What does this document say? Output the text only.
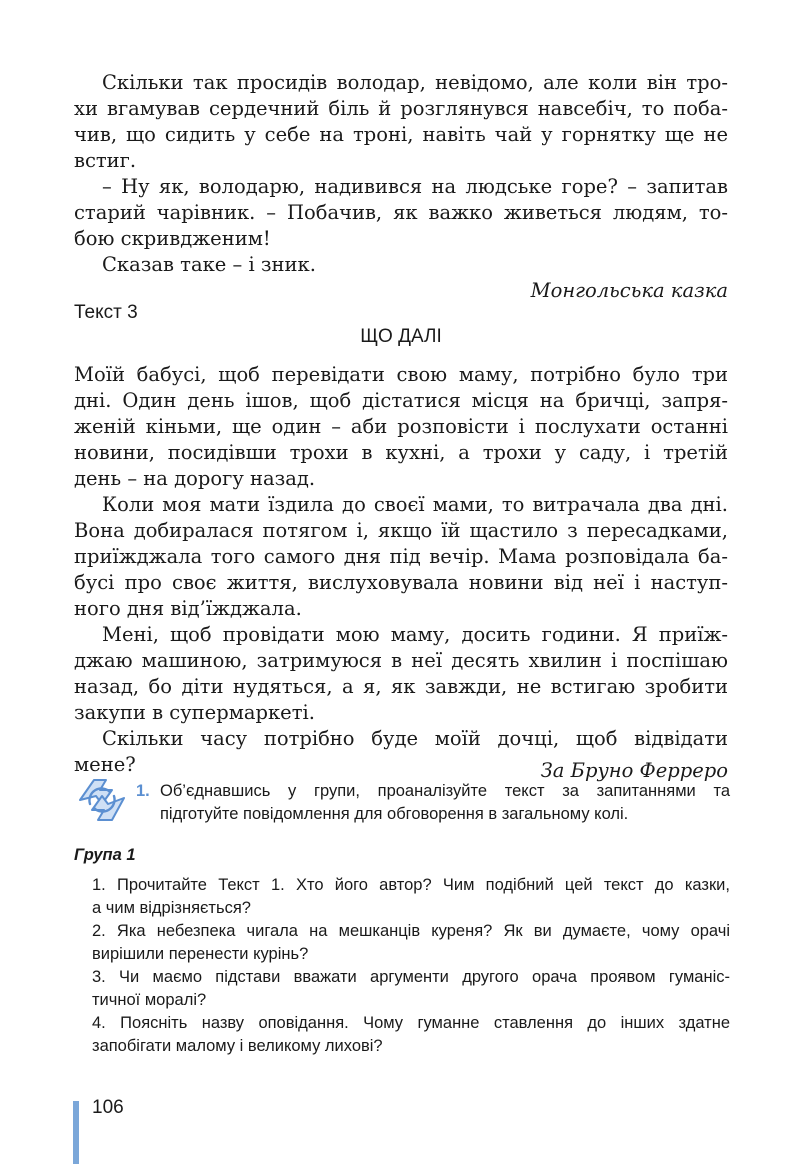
Скільки так просидів володар, невідомо, але коли він тро-
хи вгамував сердечний біль й розглянувся навсебіч, то поба-
чив, що сидить у себе на троні, навіть чай у горнятку ще не
встиг.
– Ну як, володарю, надивився на людське горе? – запитав
старий чарівник. – Побачив, як важко живеться людям, то-
бою скривдженим!
Сказав таке – і зник.
Монгольська казка
Текст 3
ЩО ДАЛІ
Моїй бабусі, щоб перевідати свою маму, потрібно було три
дні. Один день ішов, щоб дістатися місця на бричці, запря-
женій кіньми, ще один – аби розповісти і послухати останні
новини, посидівши трохи в кухні, а трохи у саду, і третій
день – на дорогу назад.
Коли моя мати їздила до своєї мами, то витрачала два дні.
Вона добиралася потягом і, якщо їй щастило з пересадками,
приїжджала того самого дня під вечір. Мама розповідала ба-
бусі про своє життя, вислуховувала новини від неї і наступ-
ного дня від’їжджала.
Мені, щоб провідати мою маму, досить години. Я приїж-
джаю машиною, затримуюся в неї десять хвилин і поспішаю
назад, бо діти нудяться, а я, як завжди, не встигаю зробити
закупи в супермаркеті.
Скільки часу потрібно буде моїй дочці, щоб відвідати
мене?	За Бруно Ферреро
1. Об’єднавшись у групи, проаналізуйте текст за запитаннями та
підготуйте повідомлення для обговорення в загальному колі.
Група 1
1. Прочитайте Текст 1. Хто його автор? Чим подібний цей текст до казки,
а чим відрізняється?
2. Яка небезпека чигала на мешканців куреня? Як ви думаєте, чому орачі
вирішили перенести курінь?
3. Чи маємо підстави вважати аргументи другого орача проявом гуманіс-
тичної моралі?
4. Поясніть назву оповідання. Чому гуманне ставлення до інших здатне
запобігати малому і великому лихові?
106
